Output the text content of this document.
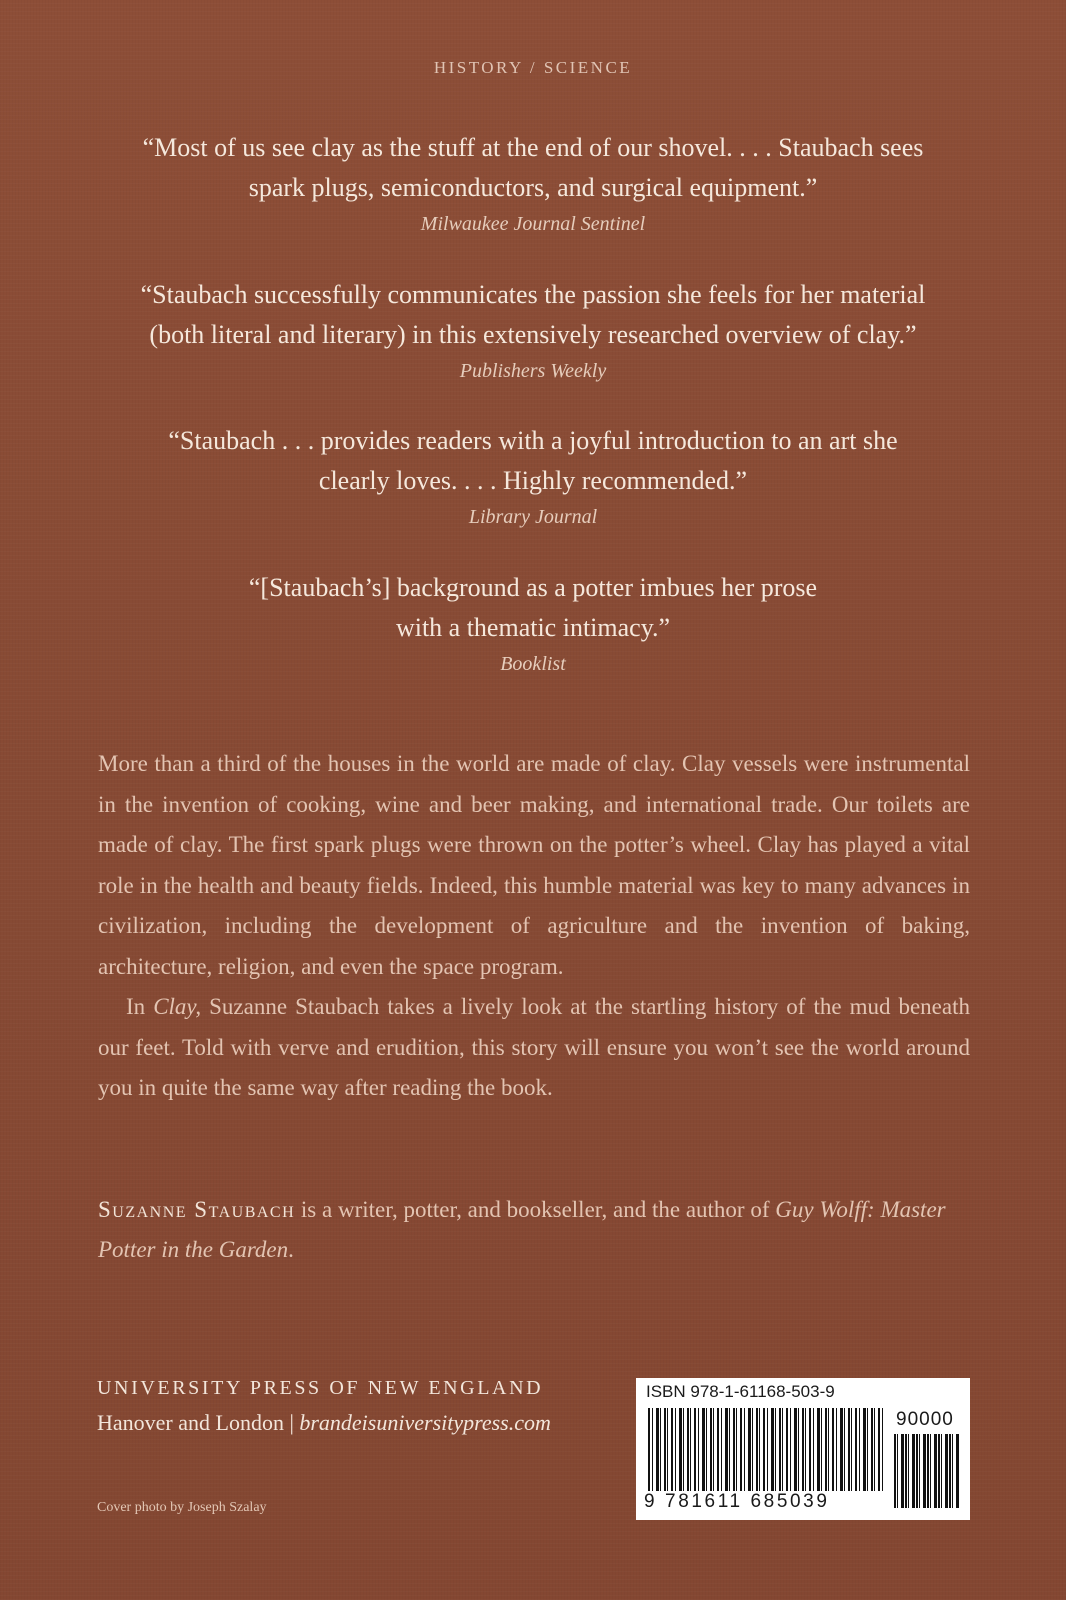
HISTORY / SCIENCE
“Most of us see clay as the stuff at the end of our shovel. . . . Staubach sees
spark plugs, semiconductors, and surgical equipment.”
Milwaukee Journal Sentinel
“Staubach successfully communicates the passion she feels for her material
(both literal and literary) in this extensively researched overview of clay.”
Publishers Weekly
“Staubach . . . provides readers with a joyful introduction to an art she
clearly loves. . . . Highly recommended.”
Library Journal
“[Staubach’s] background as a potter imbues her prose
with a thematic intimacy.”
Booklist

More than a third of the houses in the world are made of clay. Clay vessels were instrumental in the invention of cooking, wine and beer making, and international trade. Our toilets are made of clay. The first spark plugs were thrown on the potter’s wheel. Clay has played a vital role in the health and beauty fields. Indeed, this humble material was key to many advances in civilization, including the development of agriculture and the invention of baking, architecture, religion, and even the space program.

In Clay, Suzanne Staubach takes a lively look at the startling history of the mud beneath our feet. Told with verve and erudition, this story will ensure you won’t see the world around you in quite the same way after reading the book.

Suzanne Staubach is a writer, potter, and bookseller, and the author of Guy Wolff: Master Potter in the Garden.
UNIVERSITY PRESS OF NEW ENGLAND
Hanover and London | brandeisuniversitypress.com
Cover photo by Joseph Szalay
ISBN 978-1-61168-503-9
90000
9 781611 685039
